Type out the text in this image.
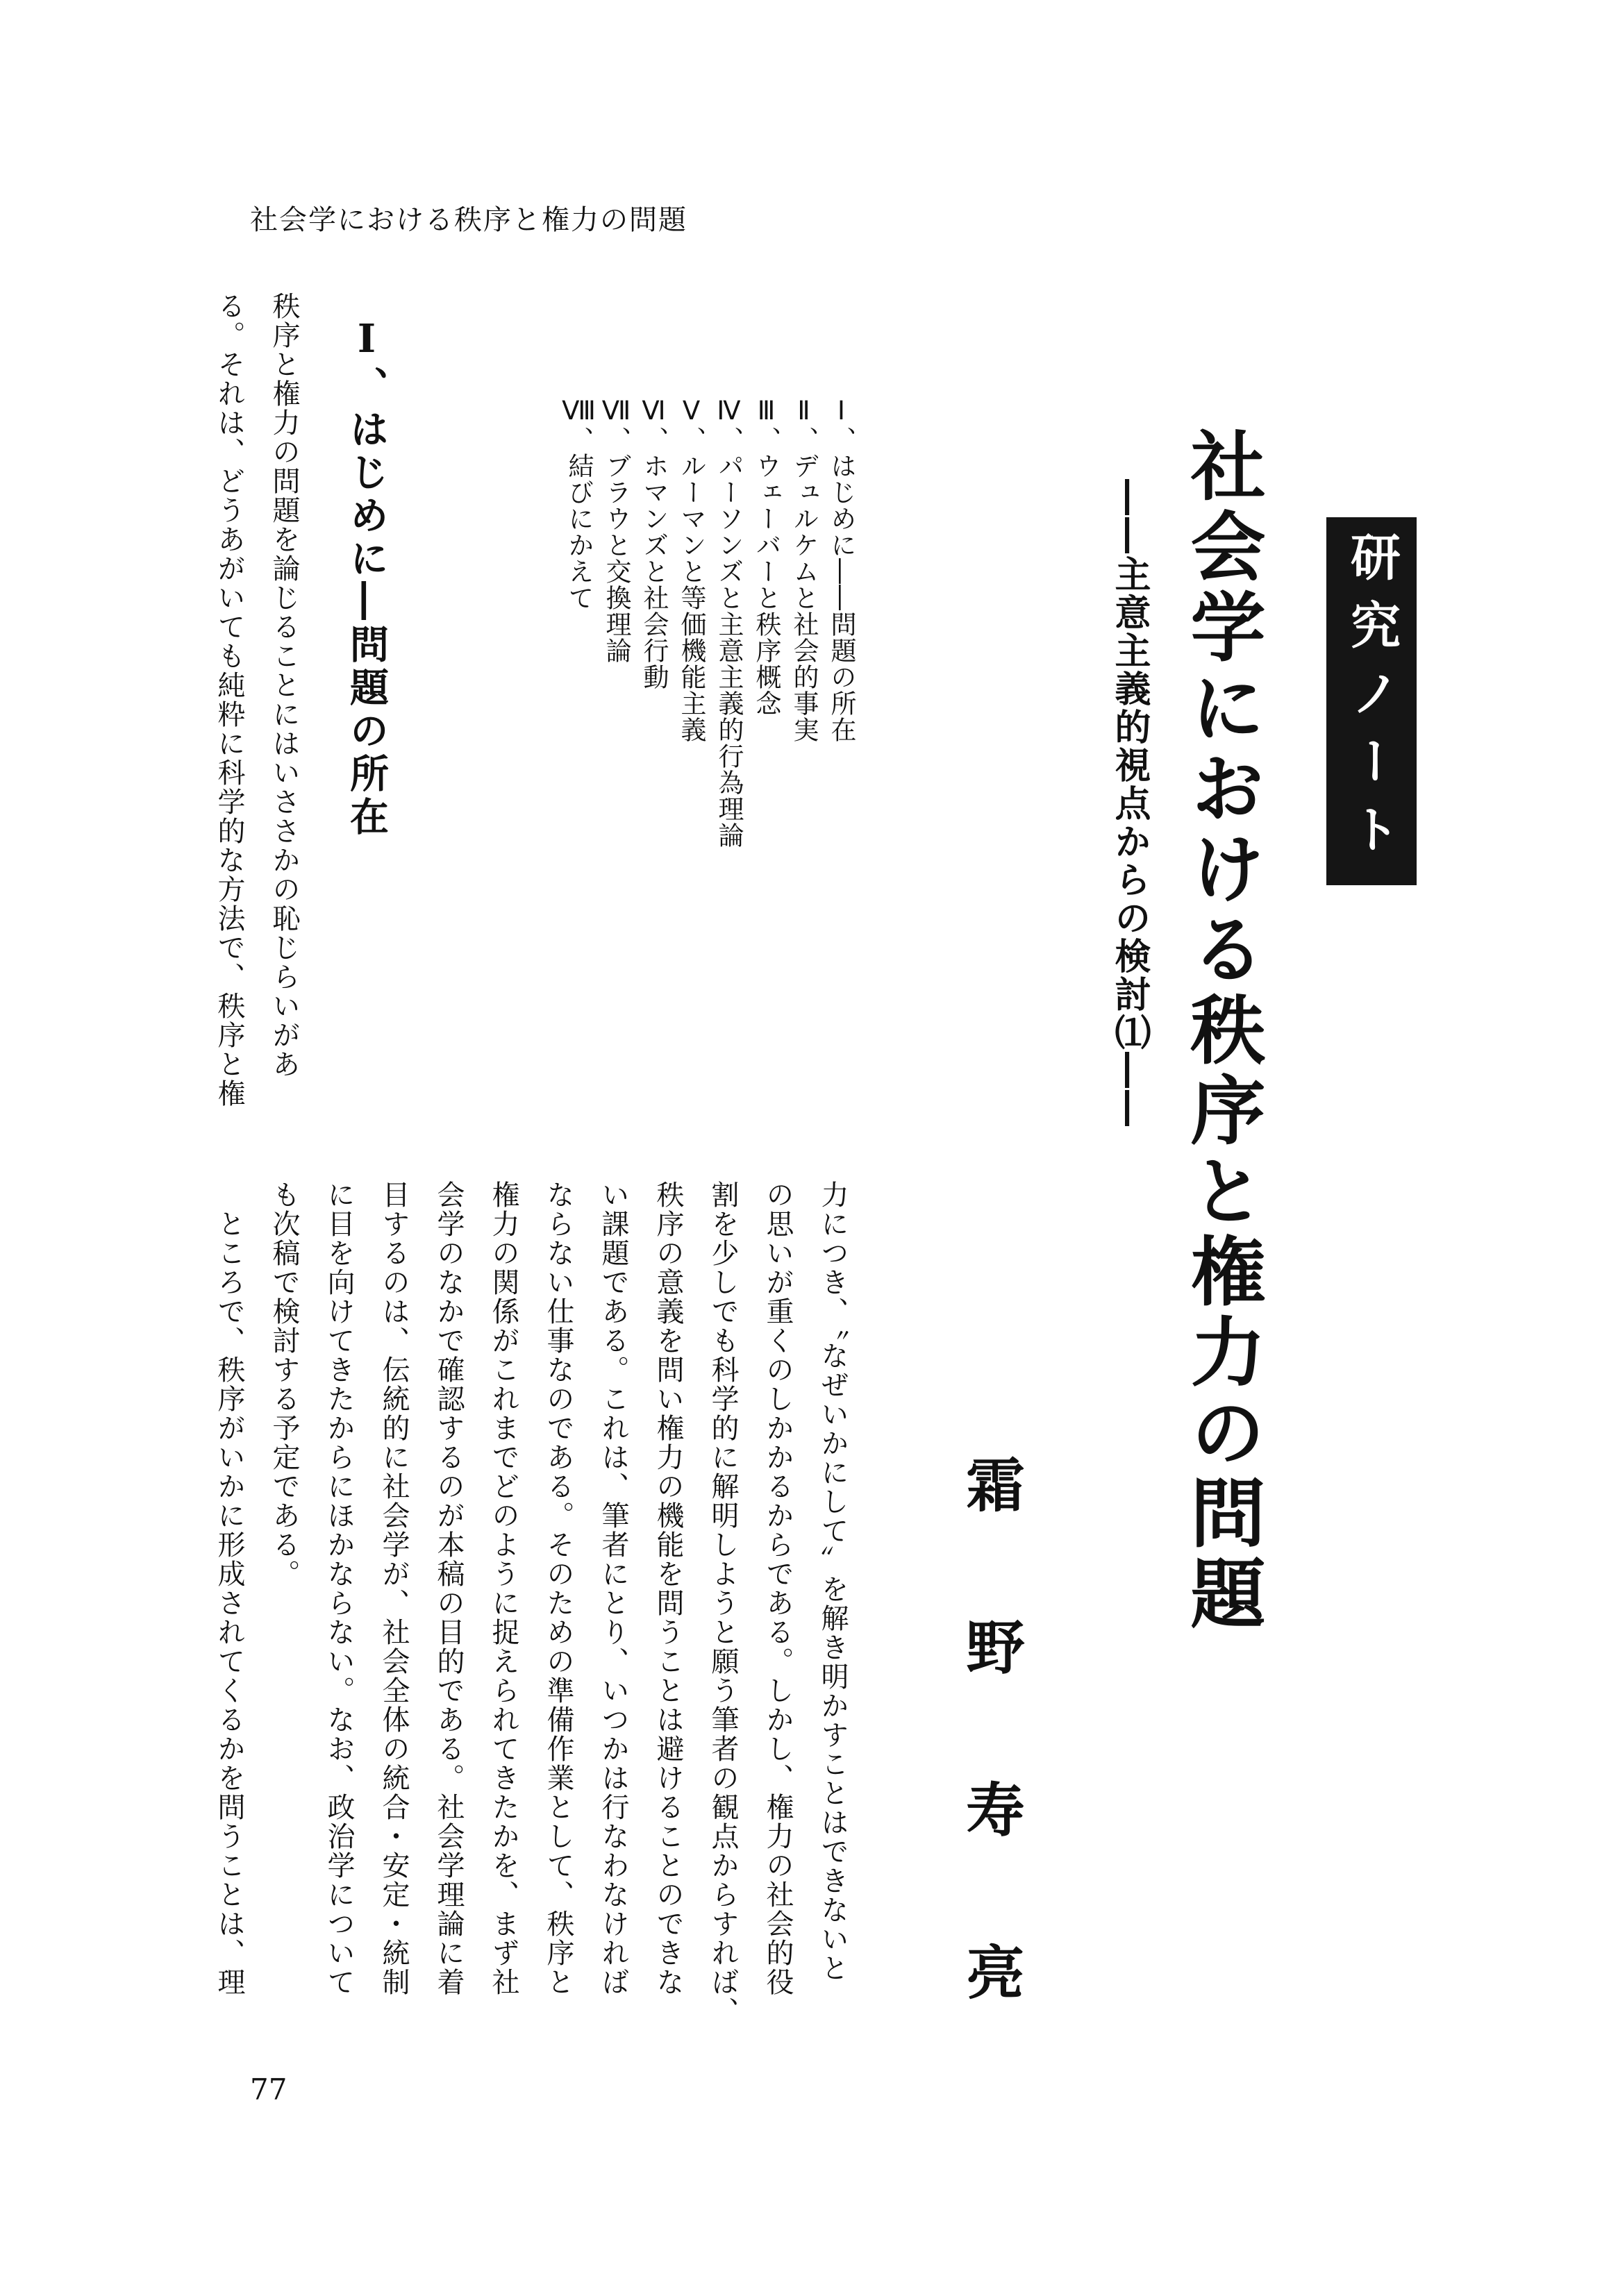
社会学における秩序と権力の問題
研究ノート
社会学における秩序と権力の問題
――主意主義的視点からの検討⑴――
霜野寿亮
Ⅰ、はじめに――問題の所在
Ⅱ、デュルケムと社会的事実
Ⅲ、ウェーバーと秩序概念
Ⅳ、パーソンズと主意主義的行為理論
Ⅴ、ルーマンと等価機能主義
Ⅵ、ホマンズと社会行動
Ⅶ、ブラウと交換理論
Ⅷ、結びにかえて
Ⅰ、はじめに―問題の所在
秩序と権力の問題を論じることにはいささかの恥じらいがあ
る。それは、どうあがいても純粋に科学的な方法で、秩序と権
力につき、〝なぜいかにして〟を解き明かすことはできないと
の思いが重くのしかかるからである。しかし、権力の社会的役
割を少しでも科学的に解明しようと願う筆者の観点からすれば、
秩序の意義を問い権力の機能を問うことは避けることのできな
い課題である。これは、筆者にとり、いつかは行なわなければ
ならない仕事なのである。そのための準備作業として、秩序と
権力の関係がこれまでどのように捉えられてきたかを、まず社
会学のなかで確認するのが本稿の目的である。社会学理論に着
目するのは、伝統的に社会学が、社会全体の統合・安定・統制
に目を向けてきたからにほかならない。なお、政治学について
も次稿で検討する予定である。
　ところで、秩序がいかに形成されてくるかを問うことは、理
77
